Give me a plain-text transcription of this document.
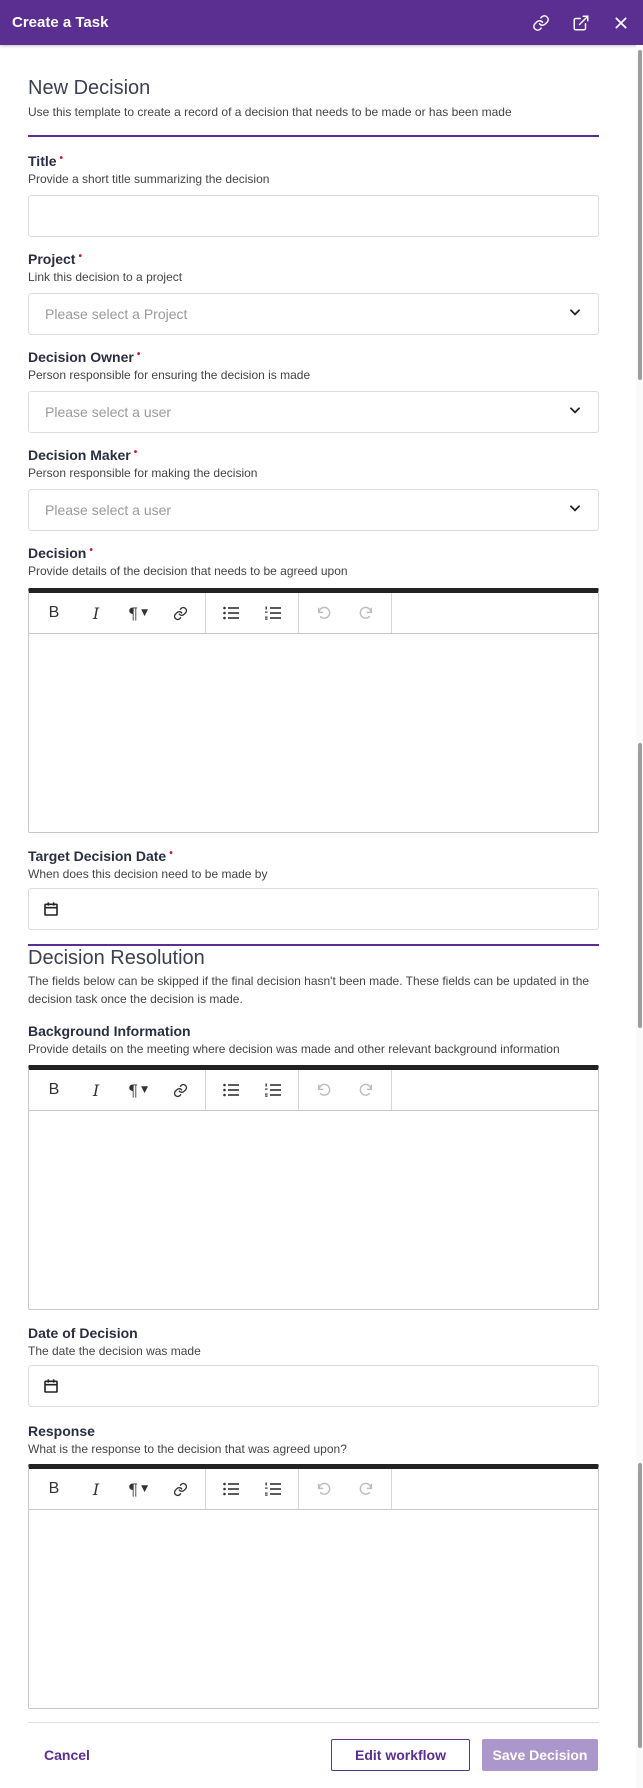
Create a Task
New Decision
Use this template to create a record of a decision that needs to be made or has been made
Title •
Provide a short title summarizing the decision
Project •
Link this decision to a project
Please select a Project
Decision Owner •
Person responsible for ensuring the decision is made
Please select a user
Decision Maker •
Person responsible for making the decision
Please select a user
Decision •
Provide details of the decision that needs to be agreed upon
B	I	¶ ▼
Target Decision Date •
When does this decision need to be made by
Decision Resolution
The fields below can be skipped if the final decision hasn't been made. These fields can be updated in the decision task once the decision is made.
Background Information
Provide details on the meeting where decision was made and other relevant background information
B	I	¶ ▼
Date of Decision
The date the decision was made
Response
What is the response to the decision that was agreed upon?
B	I	¶ ▼
Cancel	Edit workflow	Save Decision
